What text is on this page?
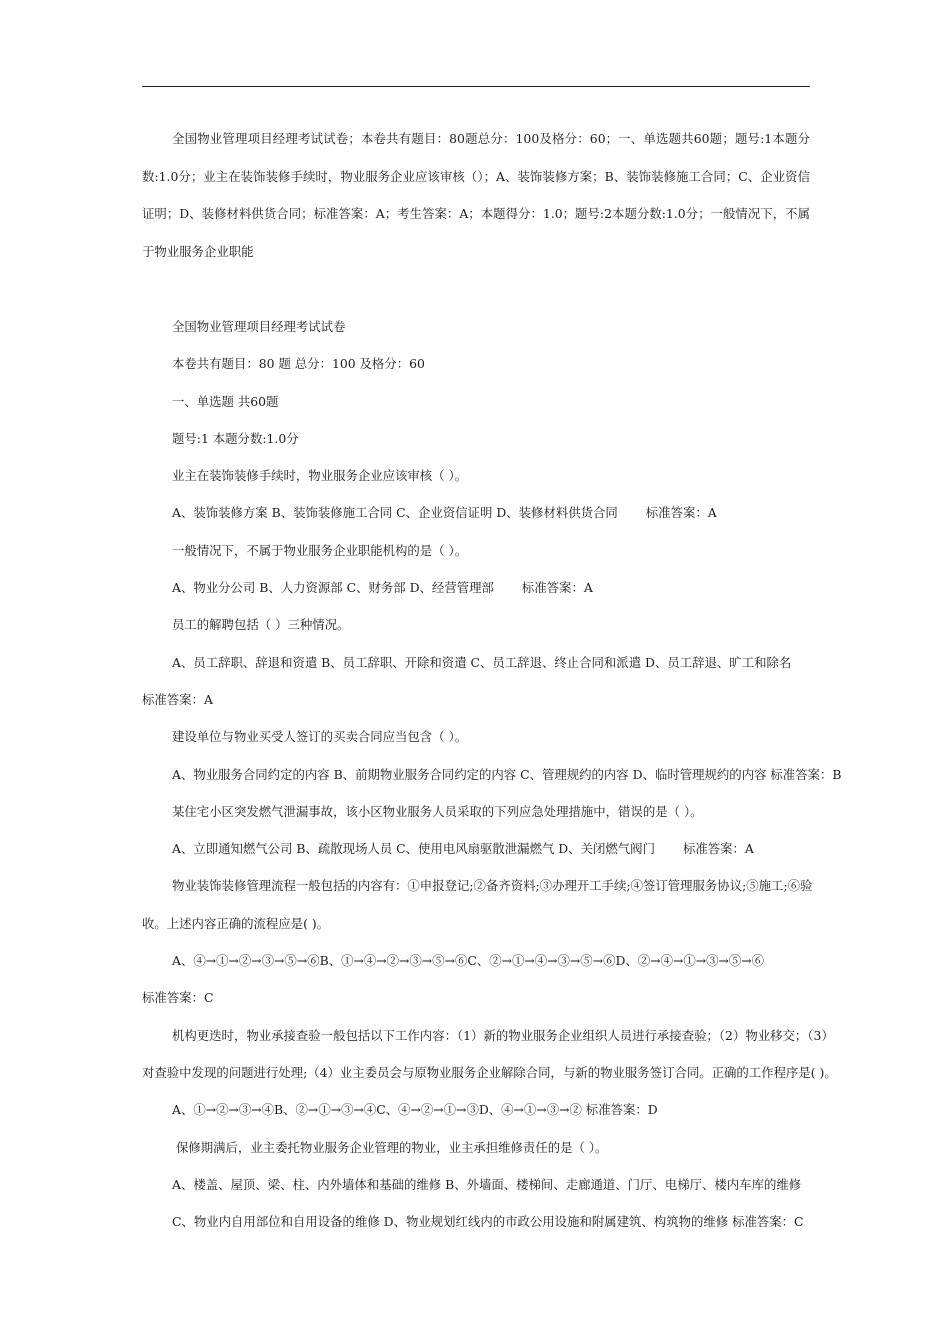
全国物业管理项目经理考试试卷；本卷共有题目：80题总分：100及格分：60；一、单选题共60题；题号:1本题分数:1.0分；业主在装饰装修手续时，物业服务企业应该审核（）；A、装饰装修方案；B、装饰装修施工合同；C、企业资信证明；D、装修材料供货合同；标准答案：A；考生答案：A；本题得分：1.0；题号:2本题分数:1.0分；一般情况下，不属于物业服务企业职能

全国物业管理项目经理考试试卷
本卷共有题目：80 题 总分：100 及格分：60
一、单选题 共60题
题号:1 本题分数:1.0分
业主在装饰装修手续时，物业服务企业应该审核（ ）。
A、装饰装修方案 B、装饰装修施工合同 C、企业资信证明 D、装修材料供货合同 标准答案：A
一般情况下，不属于物业服务企业职能机构的是（ ）。
A、物业分公司 B、人力资源部 C、财务部 D、经营管理部 标准答案：A
员工的解聘包括（ ）三种情况。
A、员工辞职、辞退和资遣 B、员工辞职、开除和资遣 C、员工辞退、终止合同和派遣 D、员工辞退、旷工和除名
标准答案：A
建设单位与物业买受人签订的买卖合同应当包含（ ）。
A、物业服务合同约定的内容 B、前期物业服务合同约定的内容 C、管理规约的内容 D、临时管理规约的内容 标准答案：B
某住宅小区突发燃气泄漏事故，该小区物业服务人员采取的下列应急处理措施中，错误的是（ ）。
A、立即通知燃气公司 B、疏散现场人员 C、使用电风扇驱散泄漏燃气 D、关闭燃气阀门 标准答案：A
物业装饰装修管理流程一般包括的内容有：①申报登记;②备齐资料;③办理开工手续;④签订管理服务协议;⑤施工;⑥验
收。上述内容正确的流程应是( )。
A、④→①→②→③→⑤→⑥B、①→④→②→③→⑤→⑥C、②→①→④→③→⑤→⑥D、②→④→①→③→⑤→⑥
标准答案：C
机构更迭时，物业承接查验一般包括以下工作内容：（1）新的物业服务企业组织人员进行承接查验；（2）物业移交；（3）
对查验中发现的问题进行处理;（4）业主委员会与原物业服务企业解除合同，与新的物业服务签订合同。正确的工作程序是( )。
A、①→②→③→④B、②→①→③→④C、④→②→①→③D、④→①→③→② 标准答案：D
保修期满后，业主委托物业服务企业管理的物业，业主承担维修责任的是（ ）。
A、楼盖、屋顶、梁、柱、内外墙体和基础的维修 B、外墙面、楼梯间、走廊通道、门厅、电梯厅、楼内车库的维修
C、物业内自用部位和自用设备的维修 D、物业规划红线内的市政公用设施和附属建筑、构筑物的维修 标准答案：C
